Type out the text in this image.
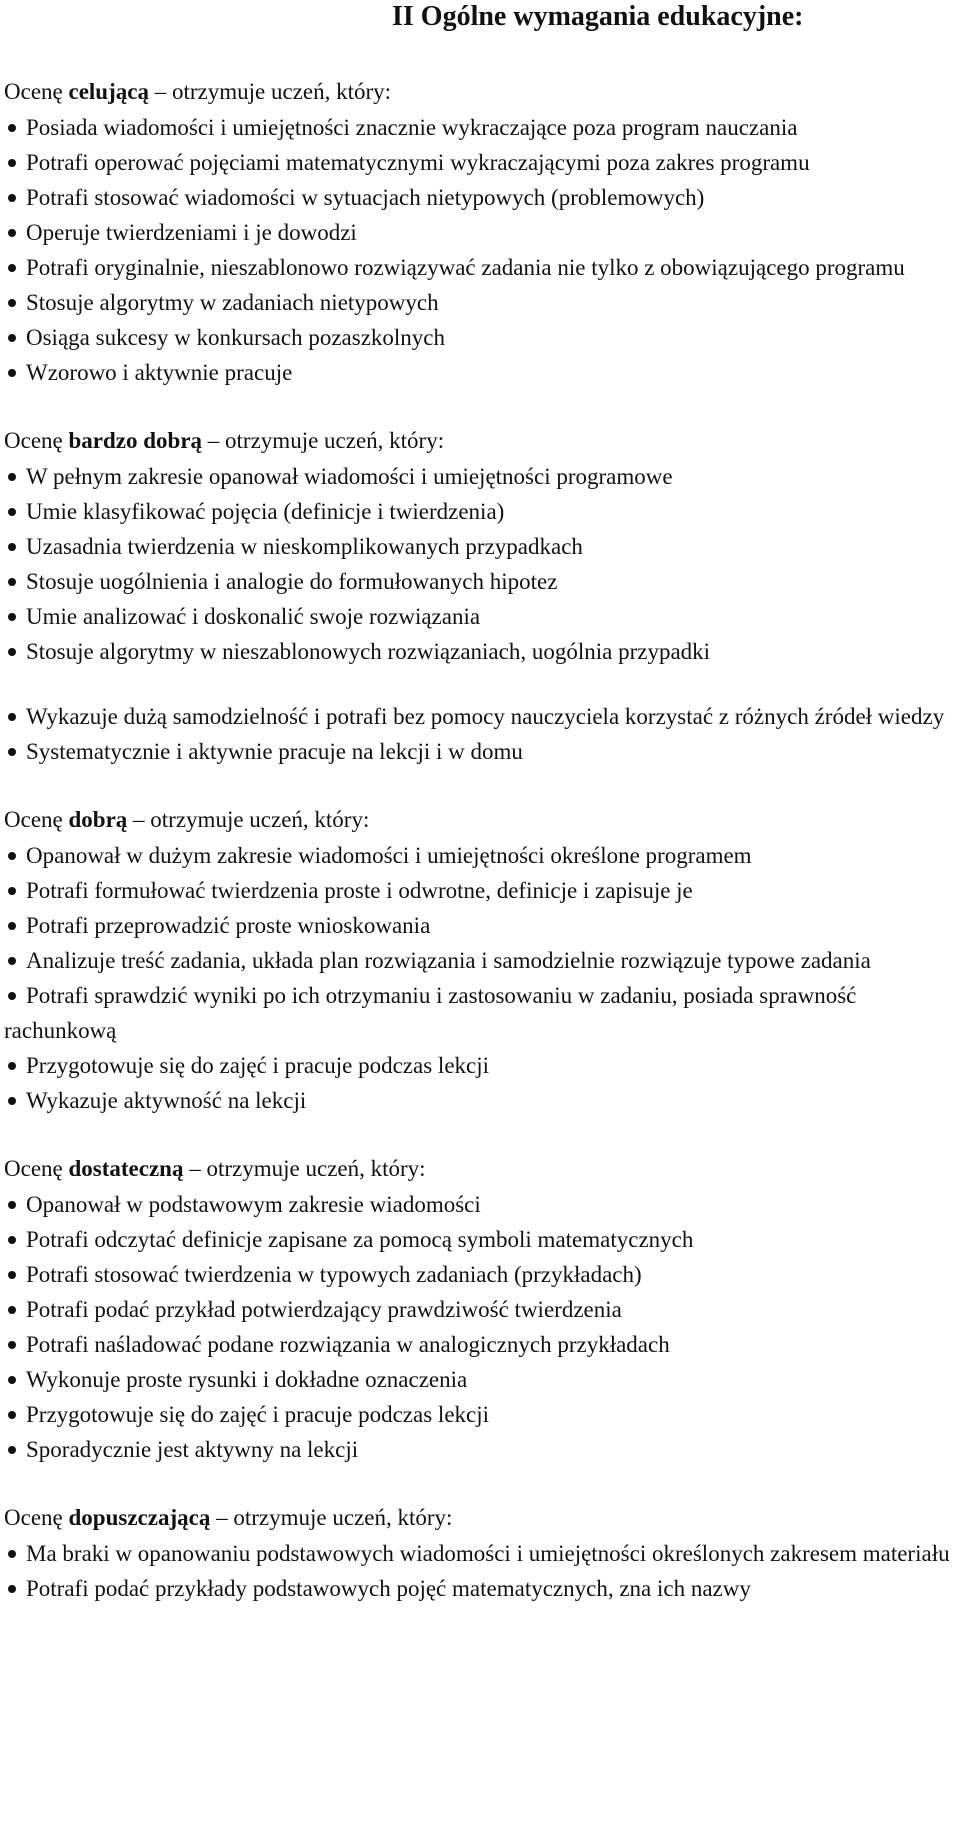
II Ogólne wymagania edukacyjne:
Ocenę celującą – otrzymuje uczeń, który:
Posiada wiadomości i umiejętności znacznie wykraczające poza program nauczania
Potrafi operować pojęciami matematycznymi wykraczającymi poza zakres programu
Potrafi stosować wiadomości w sytuacjach nietypowych (problemowych)
Operuje twierdzeniami i je dowodzi
Potrafi oryginalnie, nieszablonowo rozwiązywać zadania nie tylko z obowiązującego programu
Stosuje algorytmy w zadaniach nietypowych
Osiąga sukcesy w konkursach pozaszkolnych
Wzorowo i aktywnie pracuje
Ocenę bardzo dobrą – otrzymuje uczeń, który:
W pełnym zakresie opanował wiadomości i umiejętności programowe
Umie klasyfikować pojęcia (definicje i twierdzenia)
Uzasadnia twierdzenia w nieskomplikowanych przypadkach
Stosuje uogólnienia i analogie do formułowanych hipotez
Umie analizować i doskonalić swoje rozwiązania
Stosuje algorytmy w nieszablonowych rozwiązaniach, uogólnia przypadki
Wykazuje dużą samodzielność i potrafi bez pomocy nauczyciela korzystać z różnych źródeł wiedzy
Systematycznie i aktywnie pracuje na lekcji i w domu
Ocenę dobrą – otrzymuje uczeń, który:
Opanował w dużym zakresie wiadomości i umiejętności określone programem
Potrafi formułować twierdzenia proste i odwrotne, definicje i zapisuje je
Potrafi przeprowadzić proste wnioskowania
Analizuje treść zadania, układa plan rozwiązania i samodzielnie rozwiązuje typowe zadania
Potrafi sprawdzić wyniki po ich otrzymaniu i zastosowaniu w zadaniu, posiada sprawność rachunkową
Przygotowuje się do zajęć i pracuje podczas lekcji
Wykazuje aktywność na lekcji
Ocenę dostateczną – otrzymuje uczeń, który:
Opanował w podstawowym zakresie wiadomości
Potrafi odczytać definicje zapisane za pomocą symboli matematycznych
Potrafi stosować twierdzenia w typowych zadaniach (przykładach)
Potrafi podać przykład potwierdzający prawdziwość twierdzenia
Potrafi naśladować podane rozwiązania w analogicznych przykładach
Wykonuje proste rysunki i dokładne oznaczenia
Przygotowuje się do zajęć i pracuje podczas lekcji
Sporadycznie jest aktywny na lekcji
Ocenę dopuszczającą – otrzymuje uczeń, który:
Ma braki w opanowaniu podstawowych wiadomości i umiejętności określonych zakresem materiału
Potrafi podać przykłady podstawowych pojęć matematycznych, zna ich nazwy
